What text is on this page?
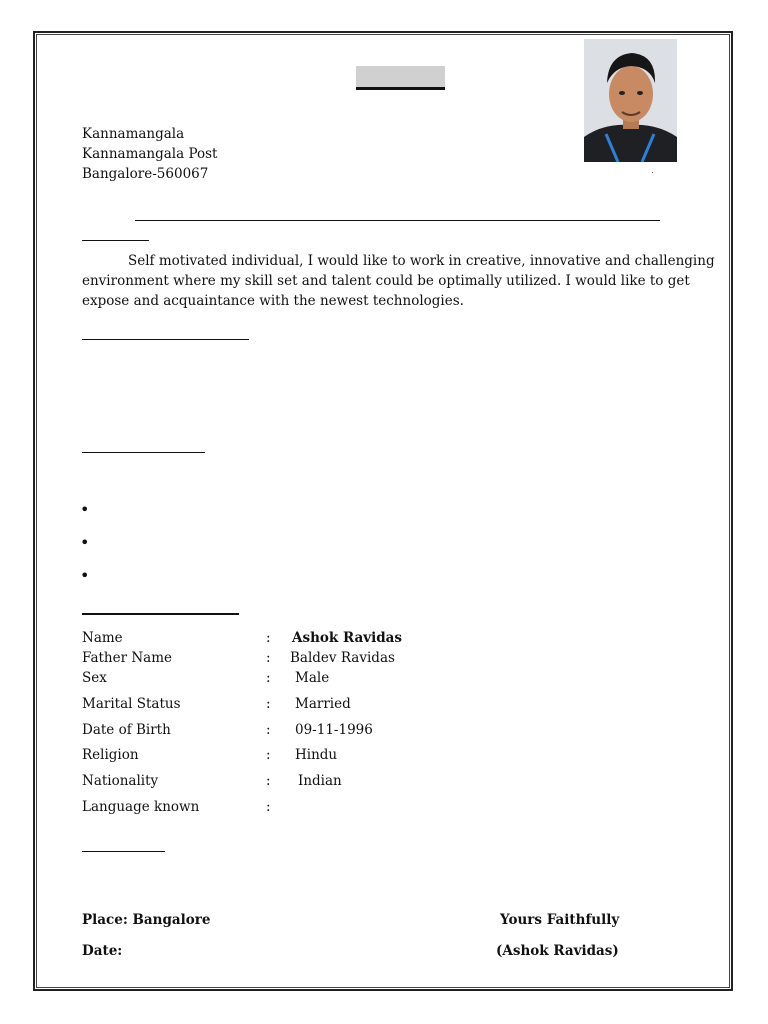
Kannamangala

Kannamangala Post

Bangalore-560067

Self motivated individual, I would like to work in creative, innovative and challenging environment where my skill set and talent could be optimally utilized. I would like to get expose and acquaintance with the newest technologies.

•
•
•
Name	: Ashok Ravidas
Father Name	: Baldev Ravidas
Sex	: Male
Marital Status	: Married
Date of Birth	: 09-11-1996
Religion	: Hindu
Nationality	: Indian
Language known	:
Place: Bangalore
Date:
Yours Faithfully
(Ashok Ravidas)
